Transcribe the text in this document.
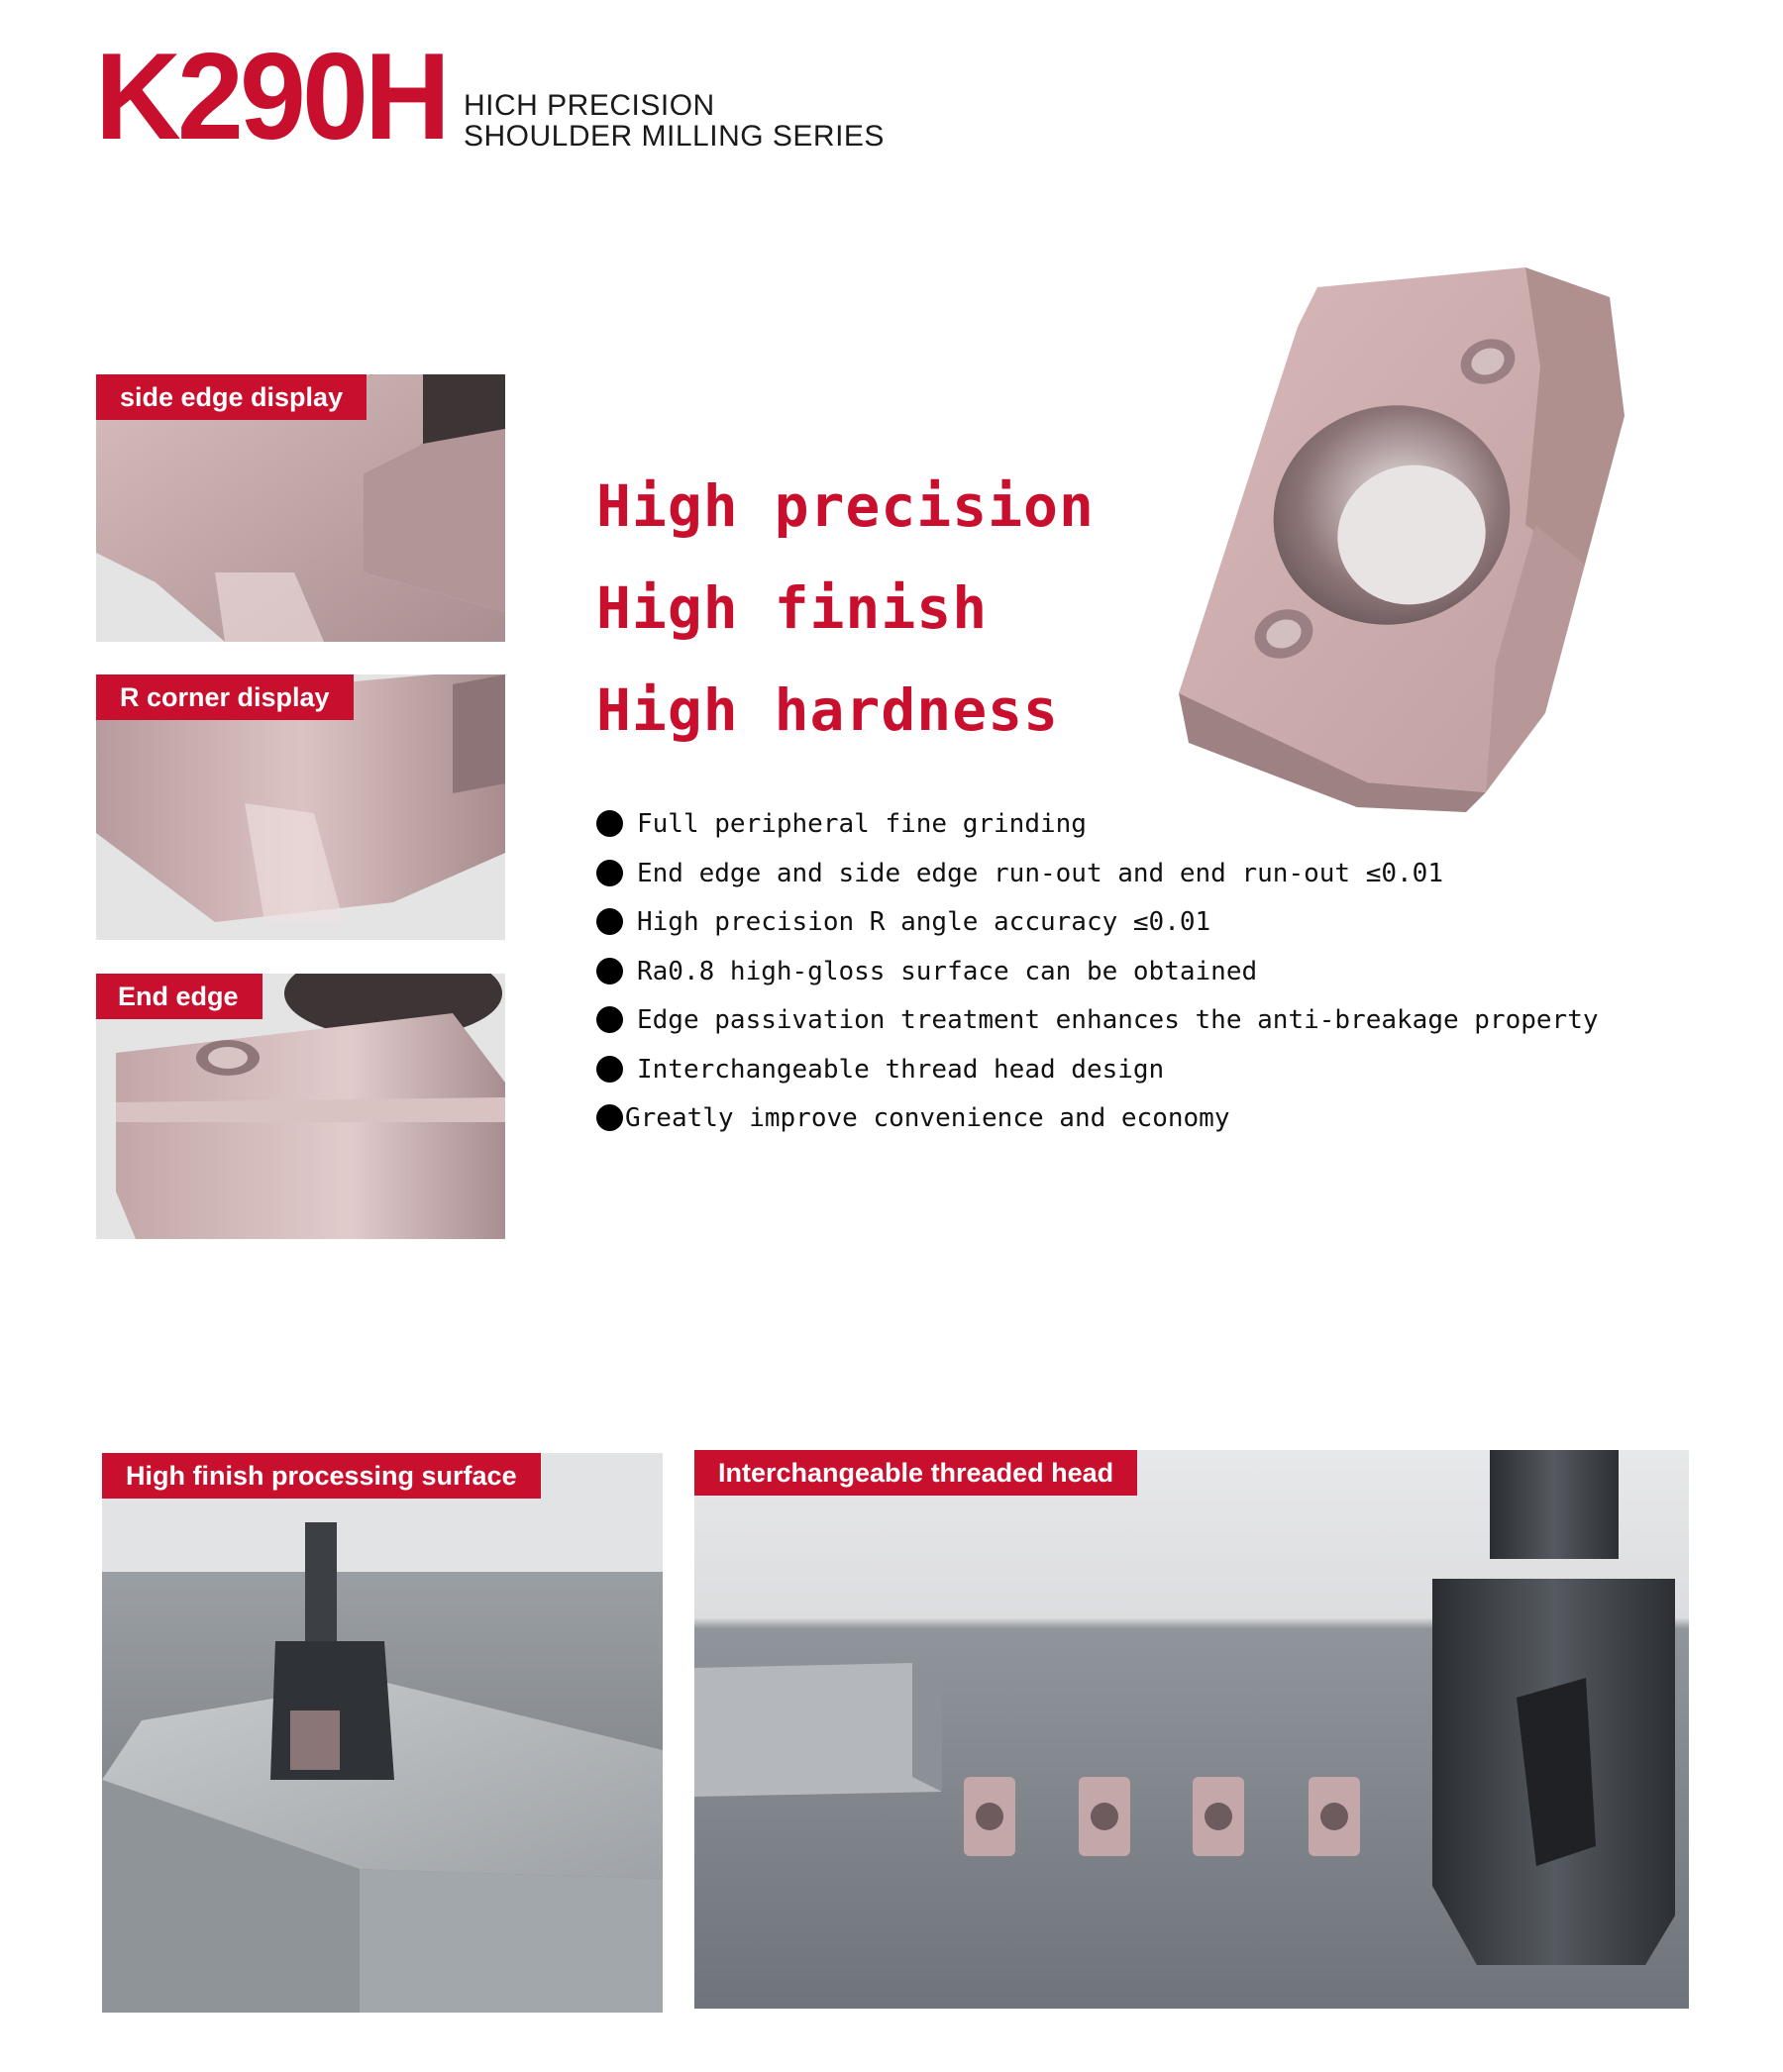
K290H HICH PRECISION
SHOULDER MILLING SERIES
side edge display
R corner display
End edge
High precision
High finish
High hardness
Full peripheral fine grinding
End edge and side edge run-out and end run-out ≤0.01
High precision R angle accuracy ≤0.01
Ra0.8 high-gloss surface can be obtained
Edge passivation treatment enhances the anti-breakage property
Interchangeable thread head design
Greatly improve convenience and economy
High finish processing surface	Interchangeable threaded head
